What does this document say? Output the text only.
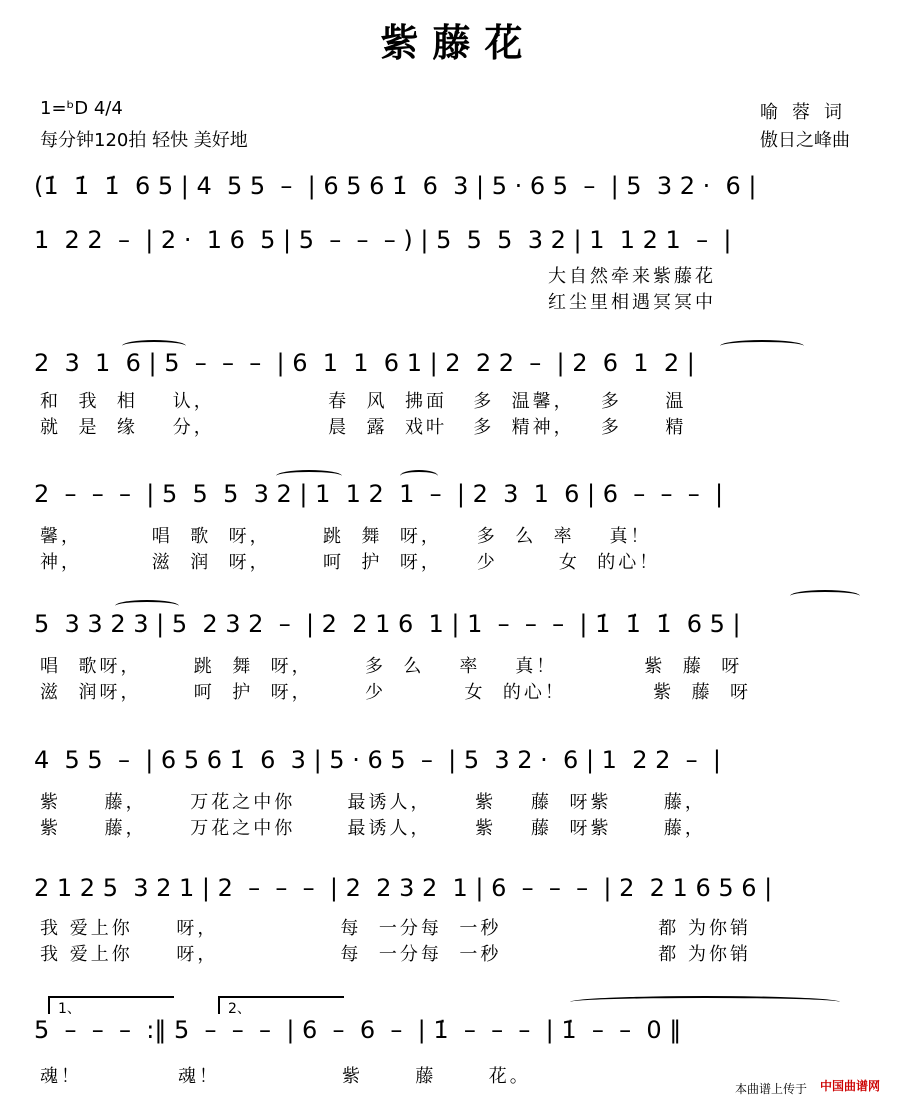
紫藤花
1=ᵇD 4/4
每分钟120拍 轻快 美好地
喻蓉词
傲日之峰曲
(1̇  1̇  1̇  6 5 | 4  5 5  –  | 6 5 6 1̇  6  3 | 5 · 6 5  –  | 5  3 2 ·  6 |
1  2 2  –  | 2 ·  1 6  5 | 5  –  –  – ) | 5  5  5  3 2 | 1  1 2 1  –  |
大自然牵来紫藤花
红尘里相遇冥冥中
2  3  1  6 | 5  –  –  –  | 6  1  1  6 1 | 2  2 2  –  | 2  6  1  2 |
和  我  相    认，             春  风  拂面   多  温馨，   多     温
就  是  缘    分，             晨  露  戏叶   多  精神，   多     精
2  –  –  –  | 5  5  5  3 2 | 1  1 2  1  –  | 2  3  1  6 | 6  –  –  –  |
馨，        唱  歌  呀，      跳  舞  呀，    多  么  率    真！
神，        滋  润  呀，      呵  护  呀，    少       女  的心！
5  3 3 2 3 | 5  2 3 2  –  | 2  2 1 6  1 | 1  –  –  –  | 1̇  1̇  1̇  6 5 |
唱  歌呀，      跳  舞  呀，      多  么    率    真！          紫  藤  呀
滋  润呀，      呵  护  呀，      少         女  的心！          紫  藤  呀
4  5 5  –  | 6 5 6 1̇  6  3 | 5 · 6 5  –  | 5  3 2 ·  6 | 1  2 2  –  |
紫     藤，     万花之中你      最诱人，     紫    藤  呀紫      藤，
紫     藤，     万花之中你      最诱人，     紫    藤  呀紫      藤，
2 1 2 5  3 2 1 | 2  –  –  –  | 2  2 3 2  1 | 6  –  –  –  | 2  2 1 6 5 6 |
我 爱上你     呀，              每  一分每  一秒                  都 为你销
我 爱上你     呀，              每  一分每  一秒                  都 为你销
1、	2、
5  –  –  –  :‖ 5  –  –  –  | 6  –  6  –  | 1̇  –  –  –  | 1̇  –  –  0 ‖
魂！           魂！              紫      藤      花。
本曲谱上传于 中国曲谱网
